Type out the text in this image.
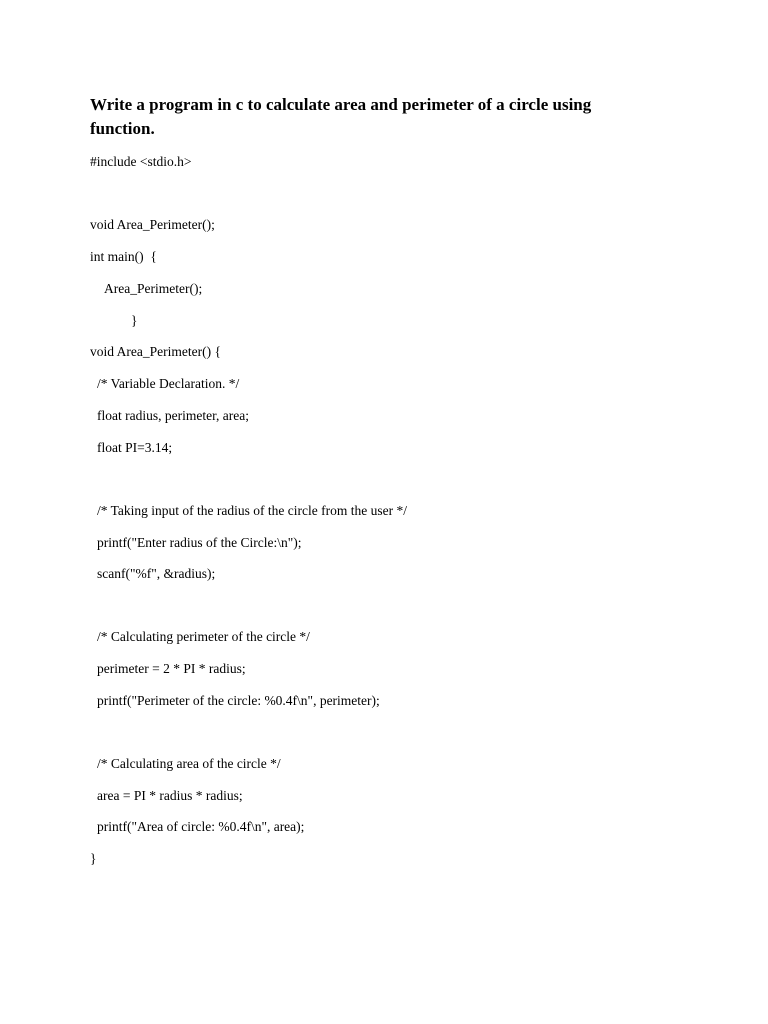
Write a program in c to calculate area and perimeter of a circle using function.

#include <stdio.h>

void Area_Perimeter();

int main()  {

Area_Perimeter();

}

void Area_Perimeter() {

/* Variable Declaration. */

float radius, perimeter, area;

float PI=3.14;

/* Taking input of the radius of the circle from the user */

printf("Enter radius of the Circle:\n");

scanf("%f", &radius);

/* Calculating perimeter of the circle */

perimeter = 2 * PI * radius;

printf("Perimeter of the circle: %0.4f\n", perimeter);

/* Calculating area of the circle */

area = PI * radius * radius;

printf("Area of circle: %0.4f\n", area);

}
